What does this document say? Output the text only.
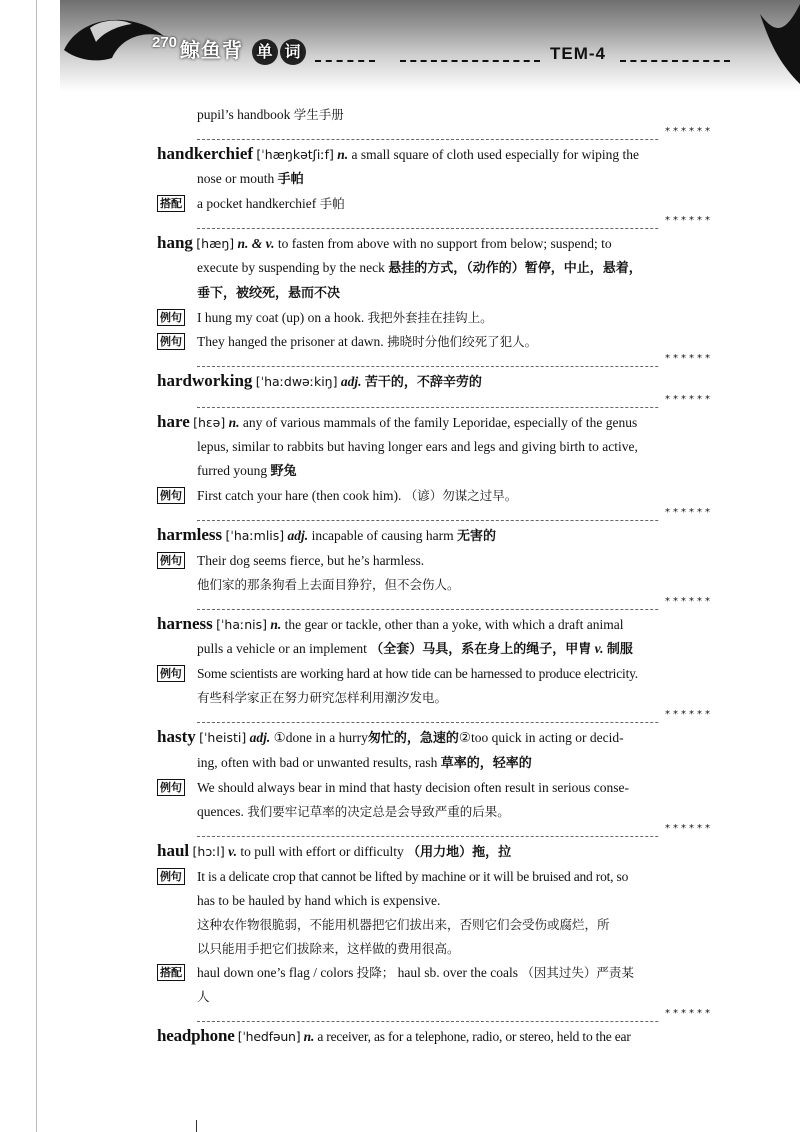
270 鲸鱼背 单 词	TEM-4
pupil’s handbook 学生手册
******
handkerchief [ˈhæŋkətʃiːf] n. a small square of cloth used especially for wiping the
nose or mouth 手帕
搭配 a pocket handkerchief 手帕
******
hang [hæŋ] n. & v. to fasten from above with no support from below; suspend; to
execute by suspending by the neck 悬挂的方式，（动作的）暂停，中止，悬着，
垂下，被绞死，悬而不决
例句 I hung my coat (up) on a hook. 我把外套挂在挂钩上。
例句 They hanged the prisoner at dawn. 拂晓时分他们绞死了犯人。
******
hardworking [ˈhaːdwəːkiŋ] adj. 苦干的，不辞辛劳的
******
hare [hɛə] n. any of various mammals of the family Leporidae, especially of the genus
lepus, similar to rabbits but having longer ears and legs and giving birth to active,
furred young 野兔
例句 First catch your hare (then cook him). （谚）勿谋之过早。
******
harmless [ˈhaːmlis] adj. incapable of causing harm 无害的
例句 Their dog seems fierce, but he’s harmless.
他们家的那条狗看上去面目狰狞，但不会伤人。
******
harness [ˈhaːnis] n. the gear or tackle, other than a yoke, with which a draft animal
pulls a vehicle or an implement （全套）马具，系在身上的绳子，甲胄 v. 制服
例句 Some scientists are working hard at how tide can be harnessed to produce electricity.
有些科学家正在努力研究怎样利用潮汐发电。
******
hasty [ˈheisti] adj. ①done in a hurry匆忙的，急速的②too quick in acting or decid-
ing, often with bad or unwanted results, rash 草率的，轻率的
例句 We should always bear in mind that hasty decision often result in serious conse-
quences. 我们要牢记草率的决定总是会导致严重的后果。
******
haul [hɔːl] v. to pull with effort or difficulty （用力地）拖，拉
例句 It is a delicate crop that cannot be lifted by machine or it will be bruised and rot, so
has to be hauled by hand which is expensive.
这种农作物很脆弱，不能用机器把它们拔出来，否则它们会受伤或腐烂，所
以只能用手把它们拔除来，这样做的费用很高。
搭配 haul down one’s flag / colors 投降； haul sb. over the coals （因其过失）严责某
人
******
headphone [ˈhedfəun] n. a receiver, as for a telephone, radio, or stereo, held to the ear
